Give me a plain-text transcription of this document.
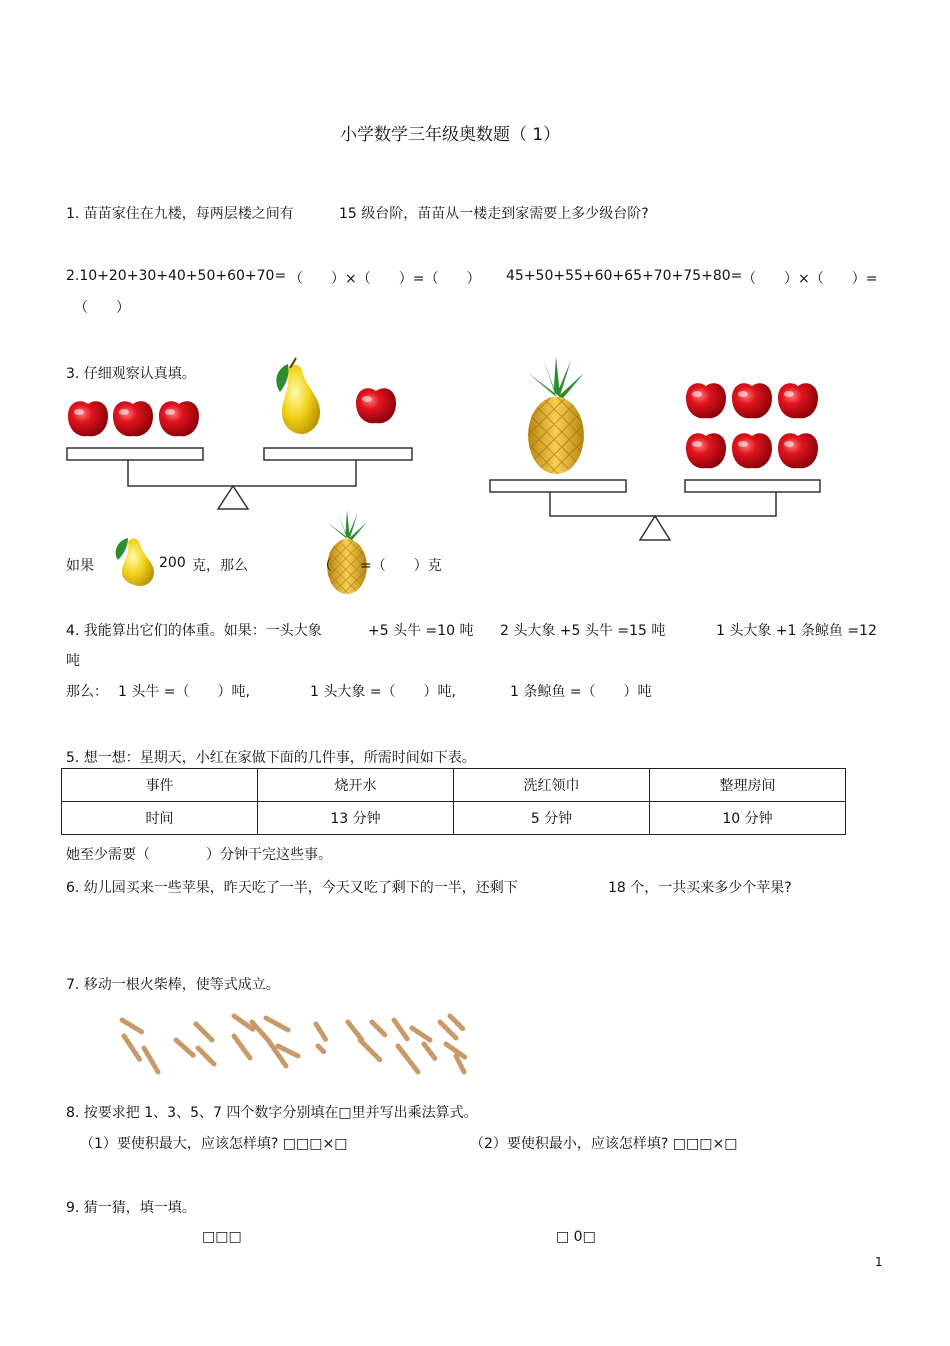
小学数学三年级奥数题（ 1）
1. 苗苗家住在九楼，每两层楼之间有	15 级台阶，苗苗从一楼走到家需要上多少级台阶?
2.10+20+30+40+50+60+70= （　　）×（　　）=（　　） 45+50+55+60+65+70+75+80= （　　）×（　　）=
（　　）
3. 仔细观察认真填。
如果	200 克，那么	（　　=（　　）克
4. 我能算出它们的体重。如果：一头大象	+5 头牛 =10 吨 2 头大象 +5 头牛 =15 吨	1 头大象 +1 条鲸鱼 =12
吨
那么： 1 头牛 =（　　）吨,	1 头大象 =（　　）吨,	1 条鲸鱼 =（　　）吨
5. 想一想：星期天，小红在家做下面的几件事，所需时间如下表。
事件	烧开水	洗红领巾	整理房间
时间	13 分钟	5 分钟	10 分钟
她至少需要（　　　　）分钟干完这些事。
6. 幼儿园买来一些苹果，昨天吃了一半，今天又吃了剩下的一半，还剩下	18 个，一共买来多少个苹果?
7. 移动一根火柴棒，使等式成立。
8. 按要求把 1、3、5、7 四个数字分别填在□里并写出乘法算式。
（1）要使积最大，应该怎样填? □□□×□	（2）要使积最小，应该怎样填? □□□×□
9. 猜一猜，填一填。
□□□	□ 0□
1
